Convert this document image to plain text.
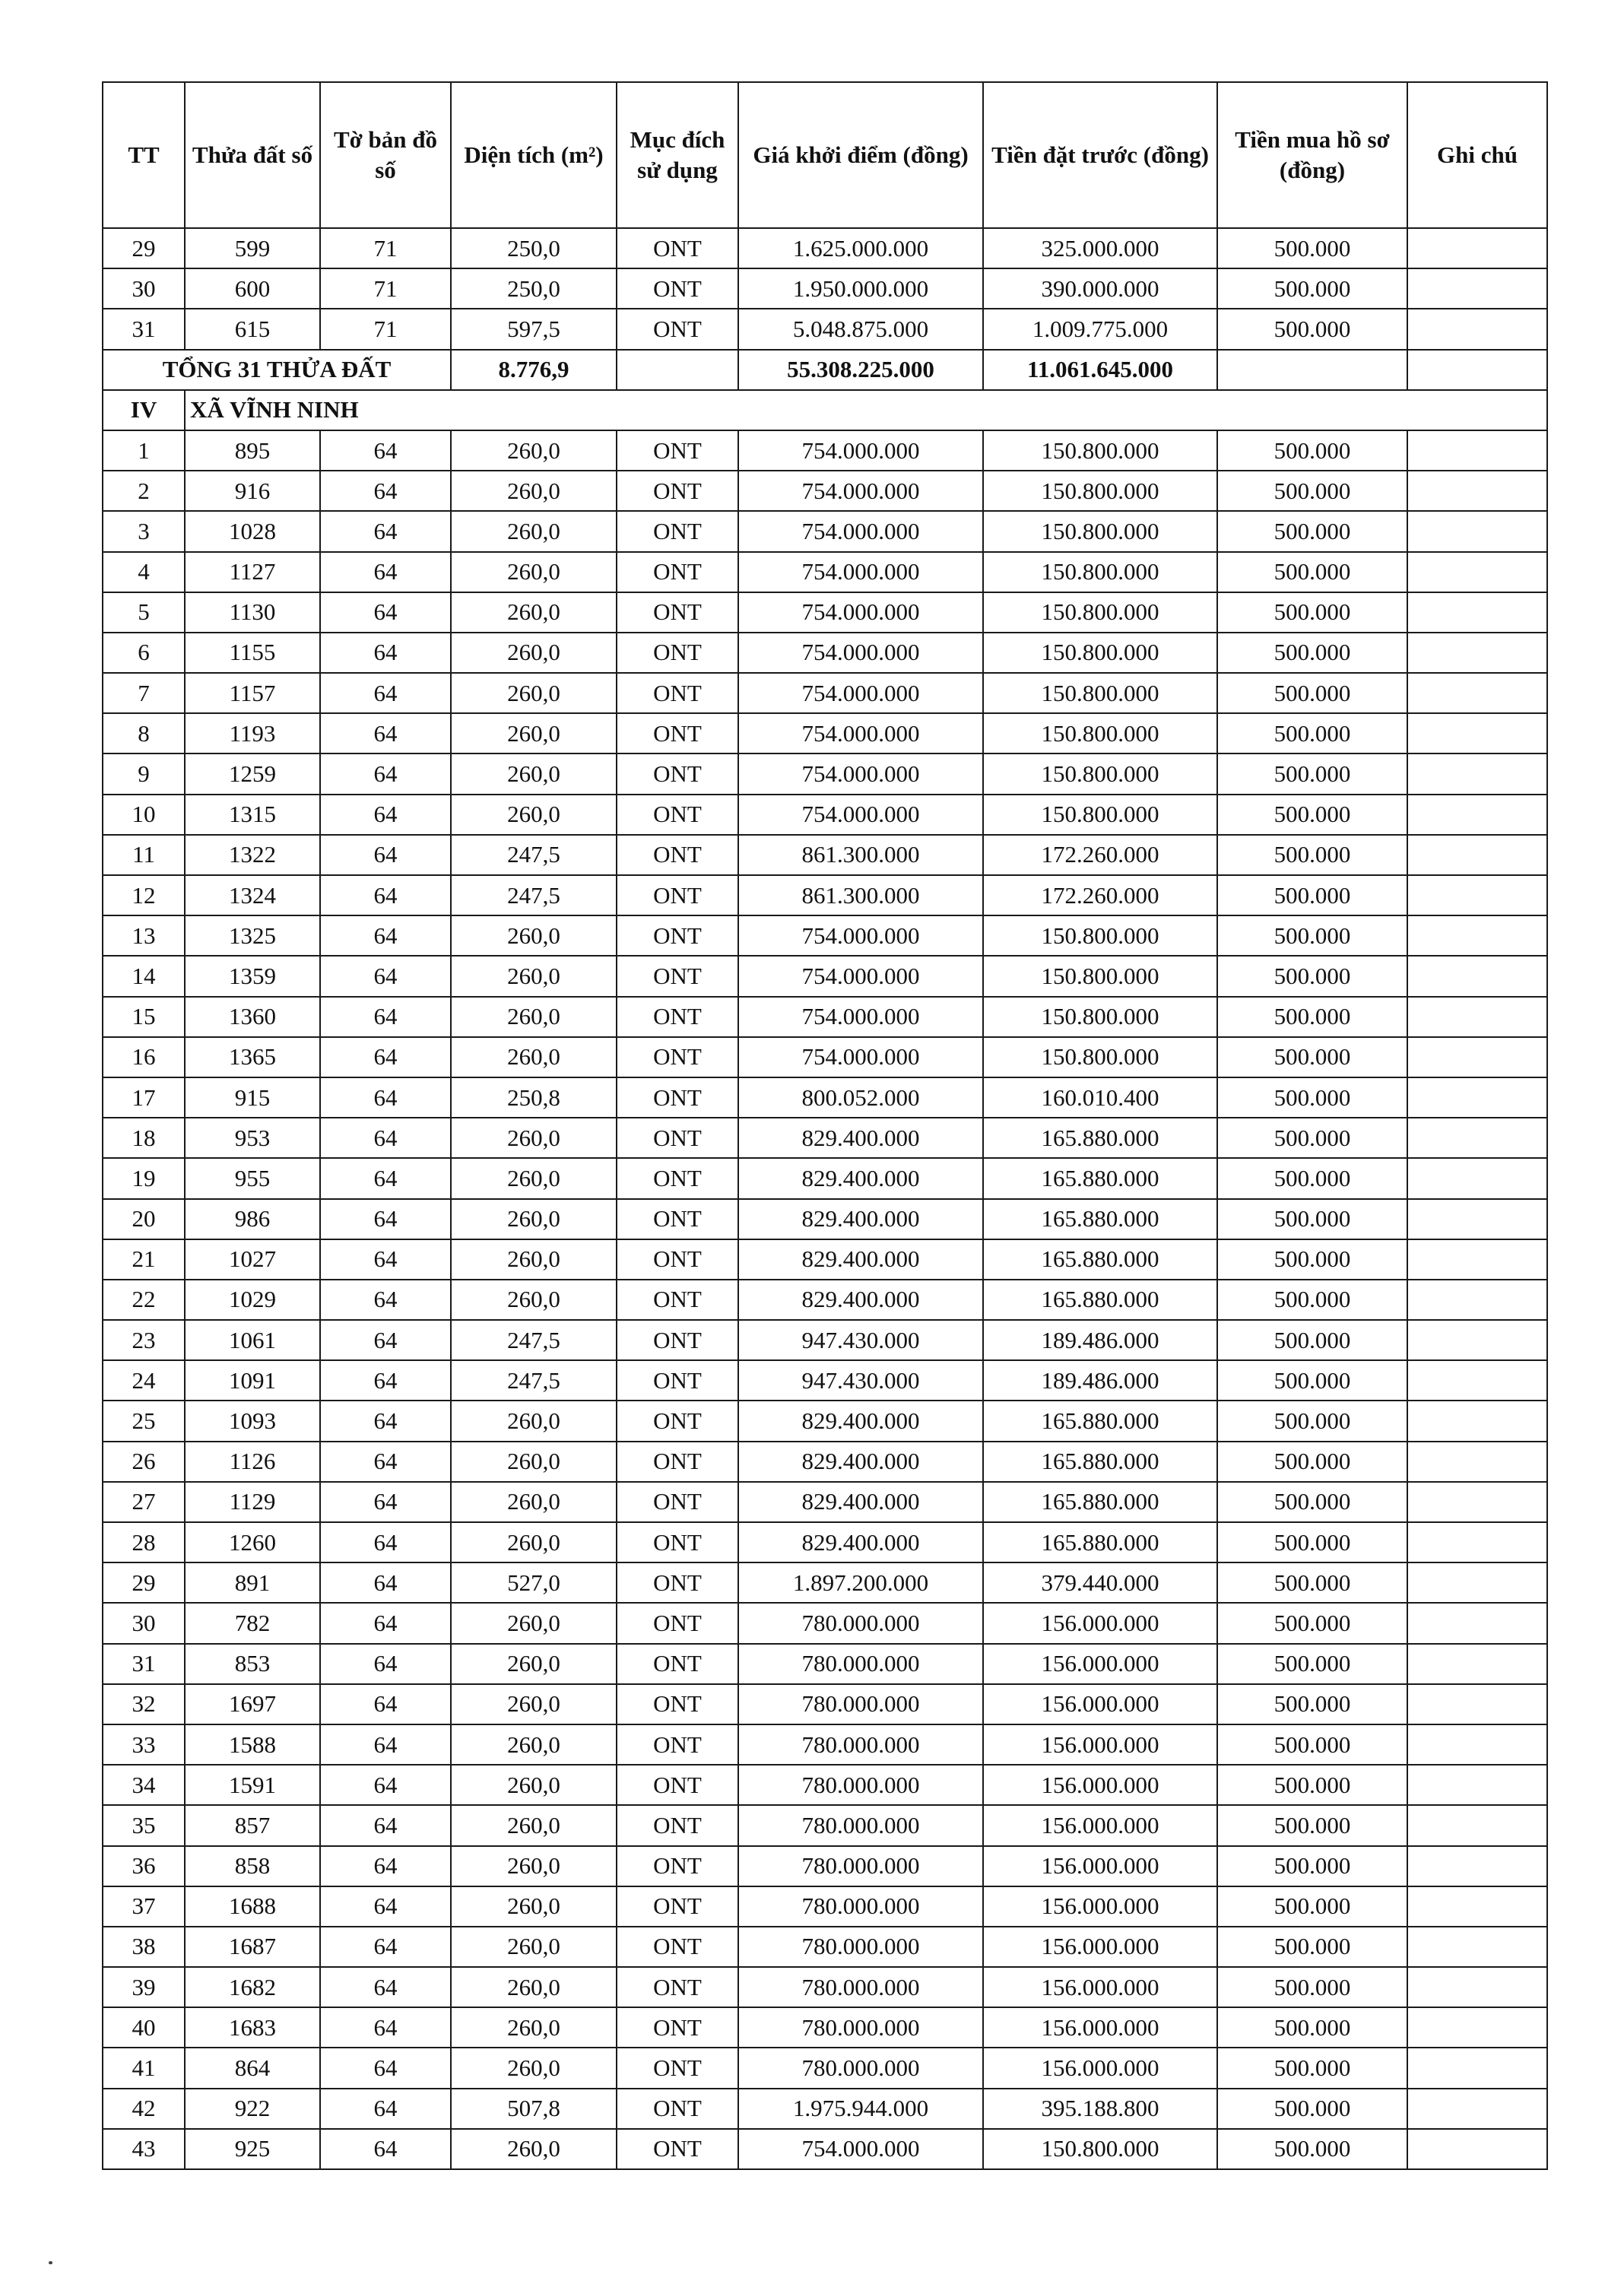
TT	Thửa đất số	Tờ bản đồ số	Diện tích (m²)	Mục đích sử dụng	Giá khởi điểm (đồng)	Tiền đặt trước (đồng)	Tiền mua hồ sơ (đồng)	Ghi chú
29	599	71	250,0	ONT	1.625.000.000	325.000.000	500.000	
30	600	71	250,0	ONT	1.950.000.000	390.000.000	500.000	
31	615	71	597,5	ONT	5.048.875.000	1.009.775.000	500.000	
TỔNG 31 THỬA ĐẤT			8.776,9		55.308.225.000	11.061.645.000		
IV	XÃ VĨNH NINH							
1	895	64	260,0	ONT	754.000.000	150.800.000	500.000	
2	916	64	260,0	ONT	754.000.000	150.800.000	500.000	
3	1028	64	260,0	ONT	754.000.000	150.800.000	500.000	
4	1127	64	260,0	ONT	754.000.000	150.800.000	500.000	
5	1130	64	260,0	ONT	754.000.000	150.800.000	500.000	
6	1155	64	260,0	ONT	754.000.000	150.800.000	500.000	
7	1157	64	260,0	ONT	754.000.000	150.800.000	500.000	
8	1193	64	260,0	ONT	754.000.000	150.800.000	500.000	
9	1259	64	260,0	ONT	754.000.000	150.800.000	500.000	
10	1315	64	260,0	ONT	754.000.000	150.800.000	500.000	
11	1322	64	247,5	ONT	861.300.000	172.260.000	500.000	
12	1324	64	247,5	ONT	861.300.000	172.260.000	500.000	
13	1325	64	260,0	ONT	754.000.000	150.800.000	500.000	
14	1359	64	260,0	ONT	754.000.000	150.800.000	500.000	
15	1360	64	260,0	ONT	754.000.000	150.800.000	500.000	
16	1365	64	260,0	ONT	754.000.000	150.800.000	500.000	
17	915	64	250,8	ONT	800.052.000	160.010.400	500.000	
18	953	64	260,0	ONT	829.400.000	165.880.000	500.000	
19	955	64	260,0	ONT	829.400.000	165.880.000	500.000	
20	986	64	260,0	ONT	829.400.000	165.880.000	500.000	
21	1027	64	260,0	ONT	829.400.000	165.880.000	500.000	
22	1029	64	260,0	ONT	829.400.000	165.880.000	500.000	
23	1061	64	247,5	ONT	947.430.000	189.486.000	500.000	
24	1091	64	247,5	ONT	947.430.000	189.486.000	500.000	
25	1093	64	260,0	ONT	829.400.000	165.880.000	500.000	
26	1126	64	260,0	ONT	829.400.000	165.880.000	500.000	
27	1129	64	260,0	ONT	829.400.000	165.880.000	500.000	
28	1260	64	260,0	ONT	829.400.000	165.880.000	500.000	
29	891	64	527,0	ONT	1.897.200.000	379.440.000	500.000	
30	782	64	260,0	ONT	780.000.000	156.000.000	500.000	
31	853	64	260,0	ONT	780.000.000	156.000.000	500.000	
32	1697	64	260,0	ONT	780.000.000	156.000.000	500.000	
33	1588	64	260,0	ONT	780.000.000	156.000.000	500.000	
34	1591	64	260,0	ONT	780.000.000	156.000.000	500.000	
35	857	64	260,0	ONT	780.000.000	156.000.000	500.000	
36	858	64	260,0	ONT	780.000.000	156.000.000	500.000	
37	1688	64	260,0	ONT	780.000.000	156.000.000	500.000	
38	1687	64	260,0	ONT	780.000.000	156.000.000	500.000	
39	1682	64	260,0	ONT	780.000.000	156.000.000	500.000	
40	1683	64	260,0	ONT	780.000.000	156.000.000	500.000	
41	864	64	260,0	ONT	780.000.000	156.000.000	500.000	
42	922	64	507,8	ONT	1.975.944.000	395.188.800	500.000	
43	925	64	260,0	ONT	754.000.000	150.800.000	500.000	
